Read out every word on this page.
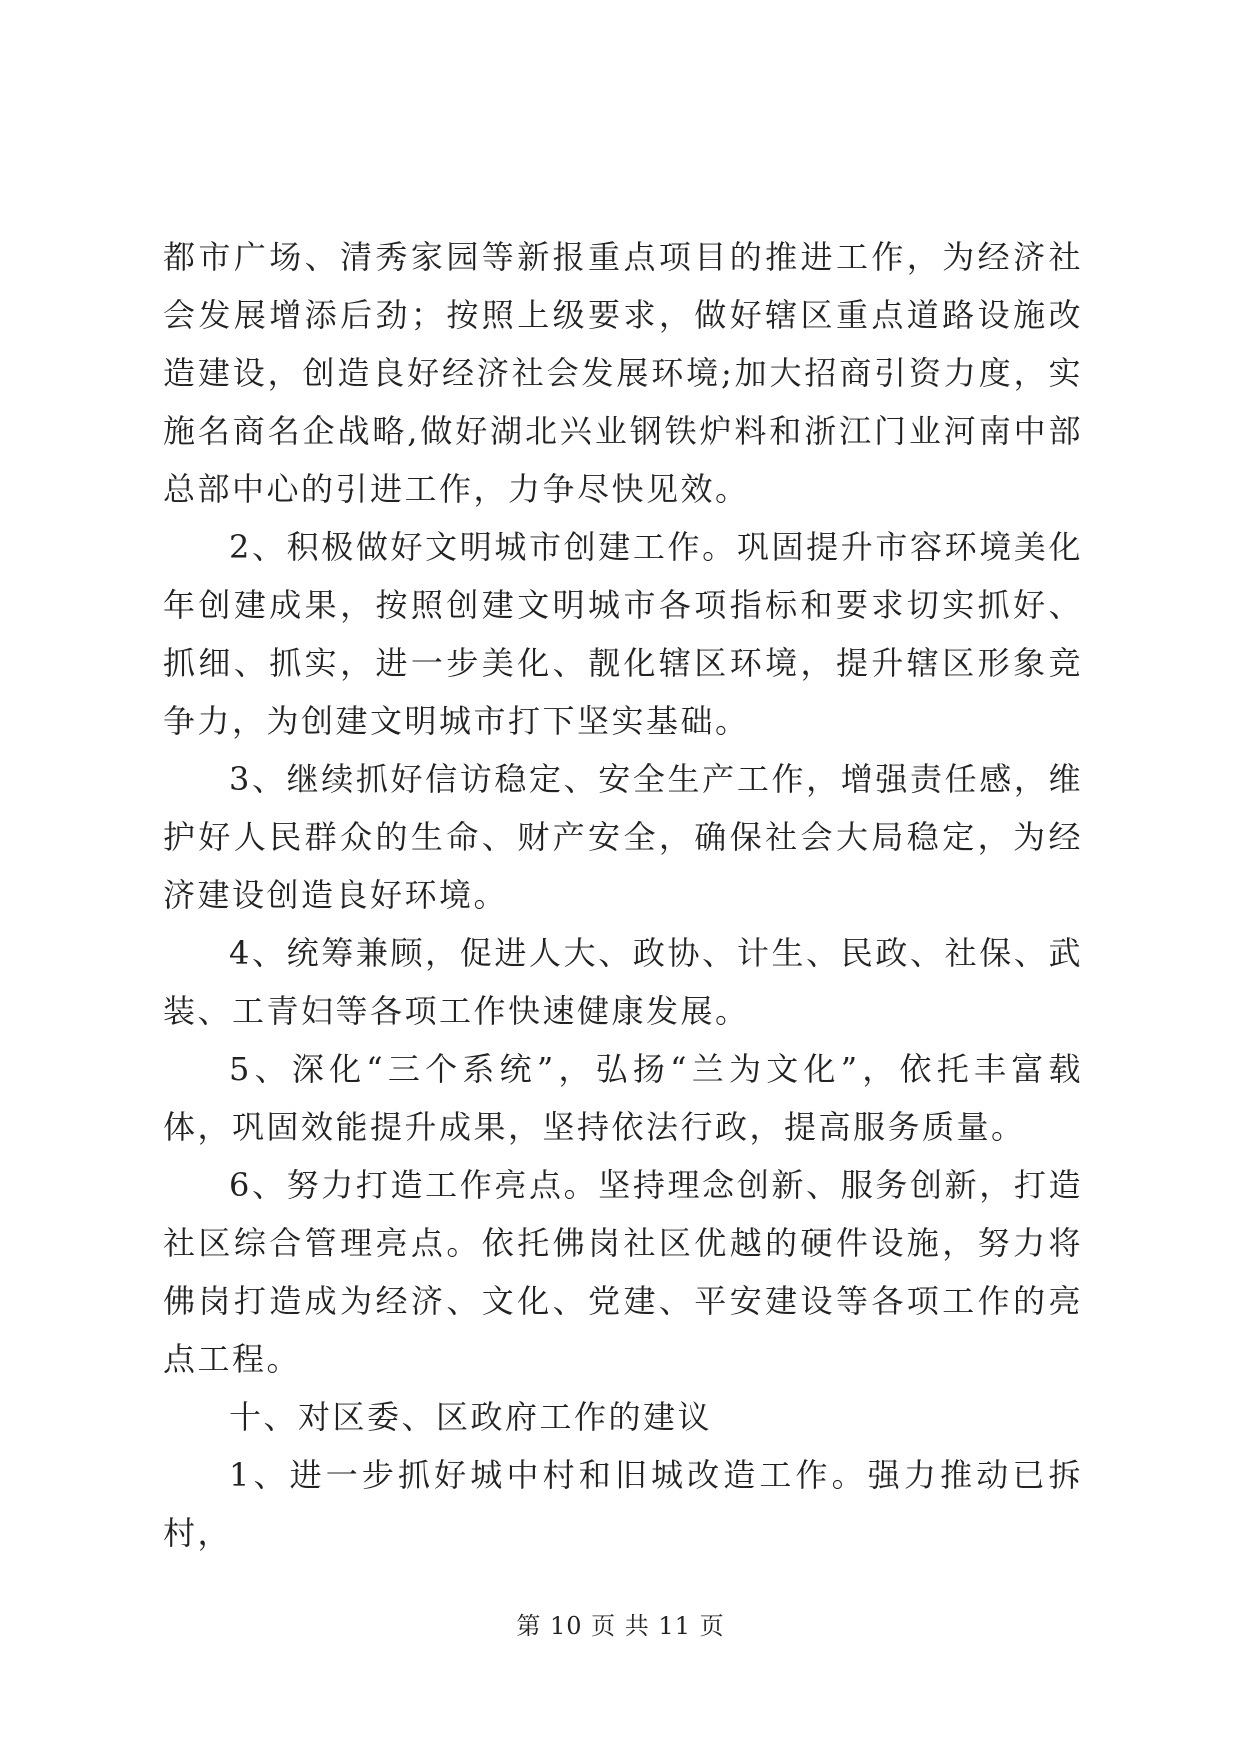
都市广场、清秀家园等新报重点项目的推进工作，为经济社会发展增添后劲；按照上级要求，做好辖区重点道路设施改造建设，创造良好经济社会发展环境;加大招商引资力度，实施名商名企战略,做好湖北兴业钢铁炉料和浙江门业河南中部总部中心的引进工作，力争尽快见效。

2、积极做好文明城市创建工作。巩固提升市容环境美化年创建成果，按照创建文明城市各项指标和要求切实抓好、抓细、抓实，进一步美化、靓化辖区环境，提升辖区形象竞争力，为创建文明城市打下坚实基础。

3、继续抓好信访稳定、安全生产工作，增强责任感，维护好人民群众的生命、财产安全，确保社会大局稳定，为经济建设创造良好环境。

4、统筹兼顾，促进人大、政协、计生、民政、社保、武装、工青妇等各项工作快速健康发展。

5、深化“三个系统”，弘扬“兰为文化”，依托丰富载体，巩固效能提升成果，坚持依法行政，提高服务质量。

6、努力打造工作亮点。坚持理念创新、服务创新，打造社区综合管理亮点。依托佛岗社区优越的硬件设施，努力将佛岗打造成为经济、文化、党建、平安建设等各项工作的亮点工程。

十、对区委、区政府工作的建议

1、进一步抓好城中村和旧城改造工作。强力推动已拆村，

第 10 页 共 11 页
